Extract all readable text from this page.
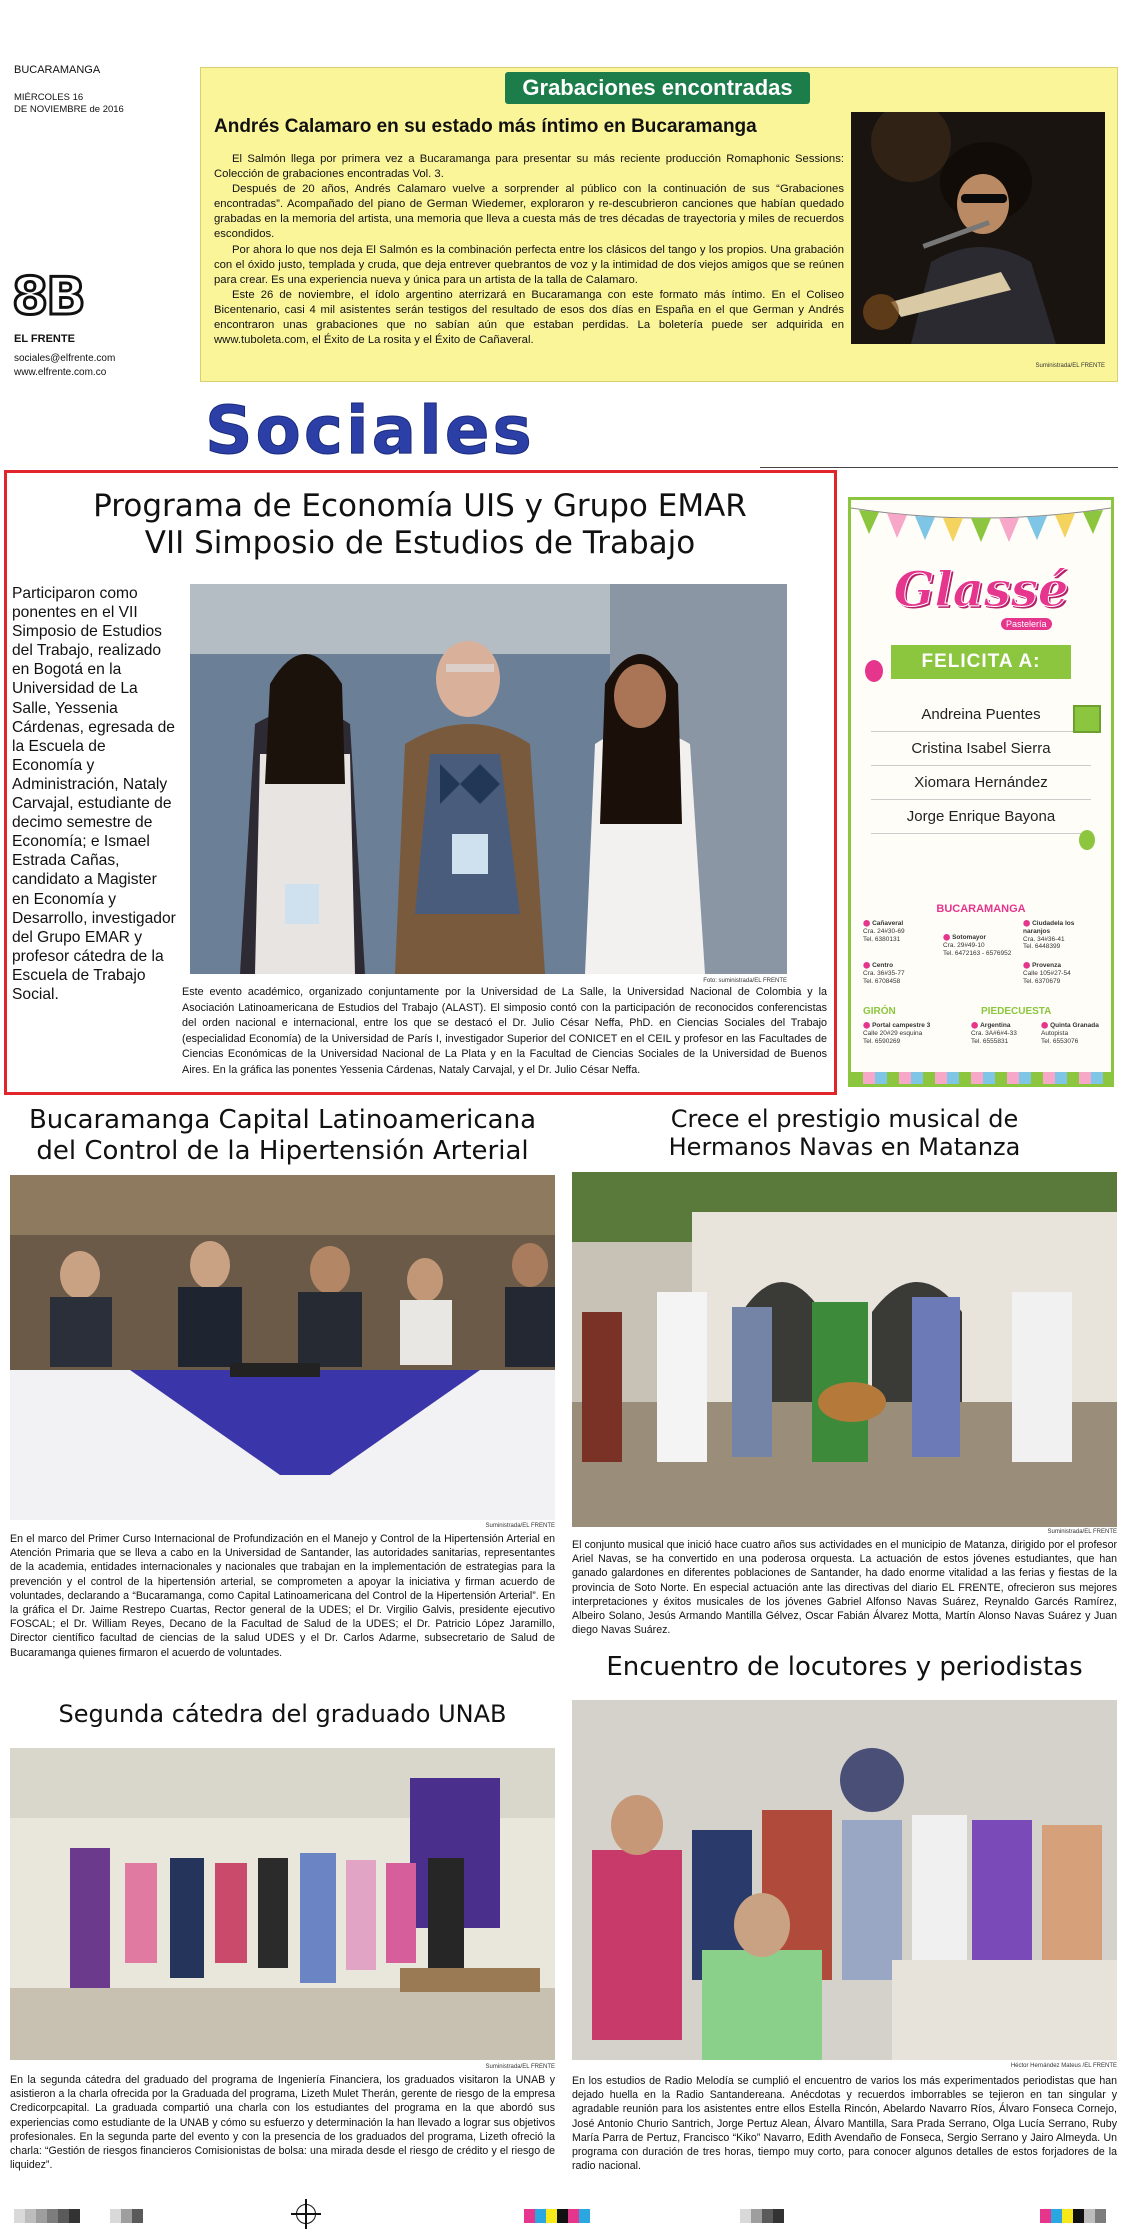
BUCARAMANGA
MIÉRCOLES 16
DE NOVIEMBRE de 2016
8B
EL FRENTE
sociales@elfrente.com
www.elfrente.com.co
Grabaciones encontradas
Andrés Calamaro en su estado más íntimo en Bucaramanga

El Salmón llega por primera vez a Bucaramanga para presentar su más reciente producción Romaphonic Sessions: Colección de grabaciones encontradas Vol. 3.

Después de 20 años, Andrés Calamaro vuelve a sorprender al público con la continuación de sus “Grabaciones encontradas”. Acompañado del piano de German Wiedemer, exploraron y re-descubrieron canciones que habían quedado grabadas en la memoria del artista, una memoria que lleva a cuesta más de tres décadas de trayectoria y miles de recuerdos escondidos.

Por ahora lo que nos deja El Salmón es la combinación perfecta entre los clásicos del tango y los propios. Una grabación con el óxido justo, templada y cruda, que deja entrever quebrantos de voz y la intimidad de dos viejos amigos que se reúnen para crear. Es una experiencia nueva y única para un artista de la talla de Calamaro.

Este 26 de noviembre, el ídolo argentino aterrizará en Bucaramanga con este formato más íntimo. En el Coliseo Bicentenario, casi 4 mil asistentes serán testigos del resultado de esos dos días en España en el que German y Andrés encontraron unas grabaciones que no sabían aún que estaban perdidas. La boletería puede ser adquirida en www.tuboleta.com, el Éxito de La rosita y el Éxito de Cañaveral.

Suministrada/EL FRENTE
Sociales
Programa de Economía UIS y Grupo EMAR
VII Simposio de Estudios de Trabajo
Participaron como ponentes en el VII Simposio de Estudios del Trabajo, realizado en Bogotá en la Universidad de La Salle, Yessenia Cárdenas, egresada de la Escuela de Economía y Administración, Nataly Carvajal, estudiante de decimo semestre de Economía; e Ismael Estrada Cañas, candidato a Magister en Economía y Desarrollo, investigador del Grupo EMAR y profesor cátedra de la Escuela de Trabajo Social.
Foto: suministrada/EL FRENTE
Este evento académico, organizado conjuntamente por la Universidad de La Salle, la Universidad Nacional de Colombia y la Asociación Latinoamericana de Estudios del Trabajo (ALAST). El simposio contó con la participación de reconocidos conferencistas del orden nacional e internacional, entre los que se destacó el Dr. Julio César Neffa, PhD. en Ciencias Sociales del Trabajo (especialidad Economía) de la Universidad de París I, investigador Superior del CONICET en el CEIL y profesor en las Facultades de Ciencias Económicas de la Universidad Nacional de La Plata y en la Facultad de Ciencias Sociales de la Universidad de Buenos Aires. En la gráfica las ponentes Yessenia Cárdenas, Nataly Carvajal, y el Dr. Julio César Neffa.
Glassé
Pastelería
FELICITA A:
Andreina Puentes
Cristina Isabel Sierra
Xiomara Hernández
Jorge Enrique Bayona
BUCARAMANGA
⬤ Cañaveral
Cra. 24#30-69
Tel. 6380131	⬤ Sotomayor
Cra. 29#49-10
Tel. 6472163 - 6576952
⬤ Ciudadela los naranjos
Cra. 34#36-41
Tel. 6448399
⬤ Centro
Cra. 36#35-77
Tel. 6708458
⬤ Provenza
Calle 105#27-54
Tel. 6370679
GIRÓN	PIEDECUESTA
⬤ Portal campestre 3
Calle 20#29 esquina
Tel. 6590269
⬤ Argentina
Cra. 3A#6#4-33
Tel. 6555831
⬤ Quinta Granada
Autopista
Tel. 6553076
Bucaramanga Capital Latinoamericana
del Control de la Hipertensión Arterial
Suministrada/EL FRENTE
En el marco del Primer Curso Internacional de Profundización en el Manejo y Control de la Hipertensión Arterial en Atención Primaria que se lleva a cabo en la Universidad de Santander, las autoridades sanitarias, representantes de la academia, entidades internacionales y nacionales que trabajan en la implementación de estrategias para la prevención y el control de la hipertensión arterial, se comprometen a apoyar la iniciativa y firman acuerdo de voluntades, declarando a “Bucaramanga, como Capital Latinoamericana del Control de la Hipertensión Arterial”. En la gráfica el Dr. Jaime Restrepo Cuartas, Rector general de la UDES; el Dr. Virgilio Galvis, presidente ejecutivo FOSCAL; el Dr. William Reyes, Decano de la Facultad de Salud de la UDES; el Dr. Patricio López Jaramillo, Director científico facultad de ciencias de la salud UDES y el Dr. Carlos Adarme, subsecretario de Salud de Bucaramanga quienes firmaron el acuerdo de voluntades.
Crece el prestigio musical de
Hermanos Navas en Matanza
Suministrada/EL FRENTE
El conjunto musical que inició hace cuatro años sus actividades en el municipio de Matanza, dirigido por el profesor Ariel Navas, se ha convertido en una poderosa orquesta. La actuación de estos jóvenes estudiantes, que han ganado galardones en diferentes poblaciones de Santander, ha dado enorme vitalidad a las ferias y fiestas de la provincia de Soto Norte. En especial actuación ante las directivas del diario EL FRENTE, ofrecieron sus mejores interpretaciones y éxitos musicales de los jóvenes Gabriel Alfonso Navas Suárez, Reynaldo Garcés Ramírez, Albeiro Solano, Jesús Armando Mantilla Gélvez, Oscar Fabián Álvarez Motta, Martín Alonso Navas Suárez y Juan diego Navas Suárez.
Segunda cátedra del graduado UNAB
Suministrada/EL FRENTE
En la segunda cátedra del graduado del programa de Ingeniería Financiera, los graduados visitaron la UNAB y asistieron a la charla ofrecida por la Graduada del programa, Lizeth Mulet Therán, gerente de riesgo de la empresa Credicorpcapital. La graduada compartió una charla con los estudiantes del programa en la que abordó sus experiencias como estudiante de la UNAB y cómo su esfuerzo y determinación la han llevado a lograr sus objetivos profesionales. En la segunda parte del evento y con la presencia de los graduados del programa, Lizeth ofreció la charla: “Gestión de riesgos financieros Comisionistas de bolsa: una mirada desde el riesgo de crédito y el riesgo de liquidez”.
Encuentro de locutores y periodistas
Héctor Hernández Mateus /EL FRENTE
En los estudios de Radio Melodía se cumplió el encuentro de varios los más experimentados periodistas que han dejado huella en la Radio Santandereana. Anécdotas y recuerdos imborrables se tejieron en tan singular y agradable reunión para los asistentes entre ellos Estella Rincón, Abelardo Navarro Ríos, Álvaro Fonseca Cornejo, José Antonio Churio Santrich, Jorge Pertuz Alean, Álvaro Mantilla, Sara Prada Serrano, Olga Lucía Serrano, Ruby María Parra de Pertuz, Francisco “Kiko” Navarro, Edith Avendaño de Fonseca, Sergio Serrano y Jairo Almeyda. Un programa con duración de tres horas, tiempo muy corto, para conocer algunos detalles de estos forjadores de la radio nacional.
